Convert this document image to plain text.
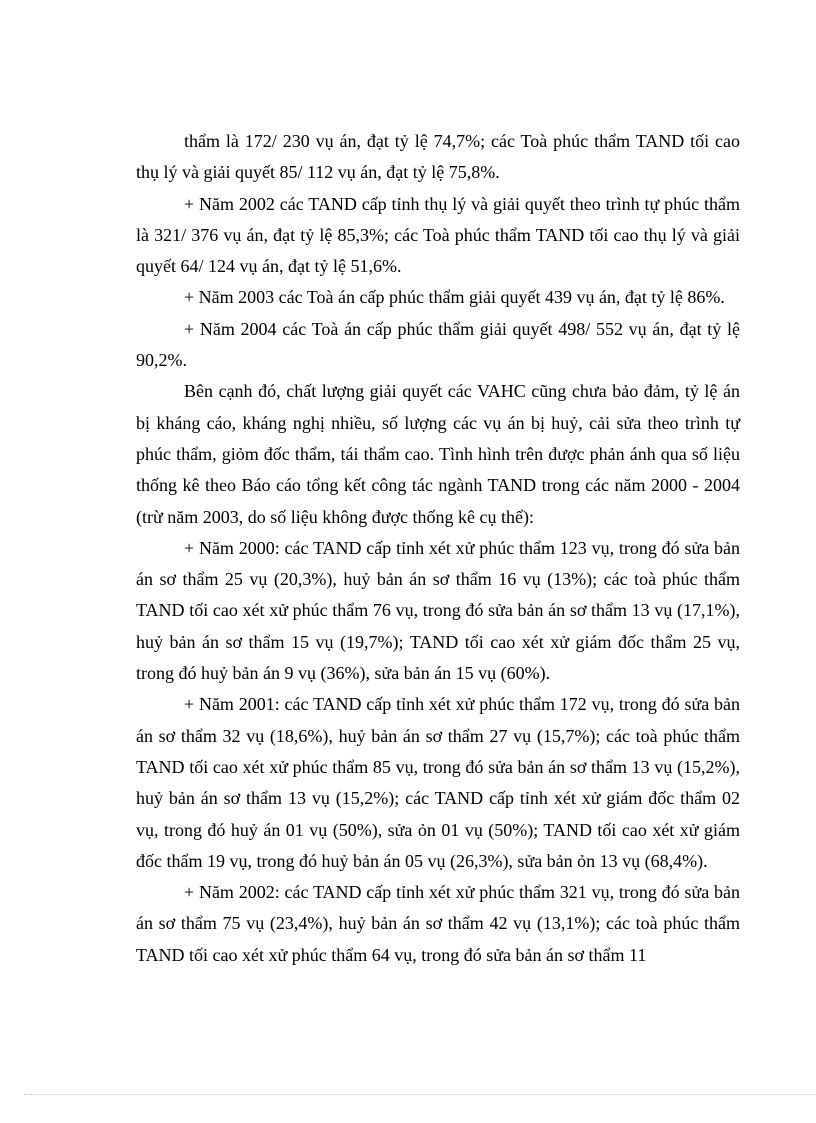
thẩm là 172/ 230 vụ án, đạt tỷ lệ 74,7%; các Toà phúc thẩm TAND tối cao thụ lý và giải quyết 85/ 112 vụ án, đạt tỷ lệ 75,8%.

+ Năm 2002 các TAND cấp tỉnh thụ lý và giải quyết theo trình tự phúc thẩm là 321/ 376 vụ án, đạt tỷ lệ 85,3%; các Toà phúc thẩm TAND tối cao thụ lý và giải quyết 64/ 124 vụ án, đạt tỷ lệ 51,6%.

+ Năm 2003 các Toà án cấp phúc thẩm giải quyết 439 vụ án, đạt tỷ lệ 86%.

+ Năm 2004 các Toà án cấp phúc thẩm giải quyết 498/ 552 vụ án, đạt tỷ lệ 90,2%.

Bên cạnh đó, chất lượng giải quyết các VAHC cũng chưa bảo đảm, tỷ lệ án bị kháng cáo, kháng nghị nhiều, số lượng các vụ án bị huỷ, cải sửa theo trình tự phúc thẩm, giỏm đốc thẩm, tái thẩm cao. Tình hình trên được phản ánh qua số liệu thống kê theo Báo cáo tổng kết công tác ngành TAND trong các năm 2000 - 2004 (trừ năm 2003, do số liệu không được thống kê cụ thể):

+ Năm 2000: các TAND cấp tỉnh xét xử phúc thẩm 123 vụ, trong đó sửa bản án sơ thẩm 25 vụ (20,3%), huỷ bản án sơ thẩm 16 vụ (13%); các toà phúc thẩm TAND tối cao xét xử phúc thẩm 76 vụ, trong đó sửa bản án sơ thẩm 13 vụ (17,1%), huỷ bản án sơ thẩm 15 vụ (19,7%); TAND tối cao xét xử giám đốc thẩm 25 vụ, trong đó huỷ bản án 9 vụ (36%), sửa bản án 15 vụ (60%).

+ Năm 2001: các TAND cấp tỉnh xét xử phúc thẩm 172 vụ, trong đó sửa bản án sơ thẩm 32 vụ (18,6%), huỷ bản án sơ thẩm 27 vụ (15,7%); các toà phúc thẩm TAND tối cao xét xử phúc thẩm 85 vụ, trong đó sửa bản án sơ thẩm 13 vụ (15,2%), huỷ bản án sơ thẩm 13 vụ (15,2%); các TAND cấp tỉnh xét xử giám đốc thẩm 02 vụ, trong đó huỷ án 01 vụ (50%), sửa ỏn 01 vụ (50%); TAND tối cao xét xử giám đốc thẩm 19 vụ, trong đó huỷ bản án 05 vụ (26,3%), sửa bản ỏn 13 vụ (68,4%).

+ Năm 2002: các TAND cấp tỉnh xét xử phúc thẩm 321 vụ, trong đó sửa bản án sơ thẩm 75 vụ (23,4%), huỷ bản án sơ thẩm 42 vụ (13,1%); các toà phúc thẩm TAND tối cao xét xử phúc thẩm 64 vụ, trong đó sửa bản án sơ thẩm 11
